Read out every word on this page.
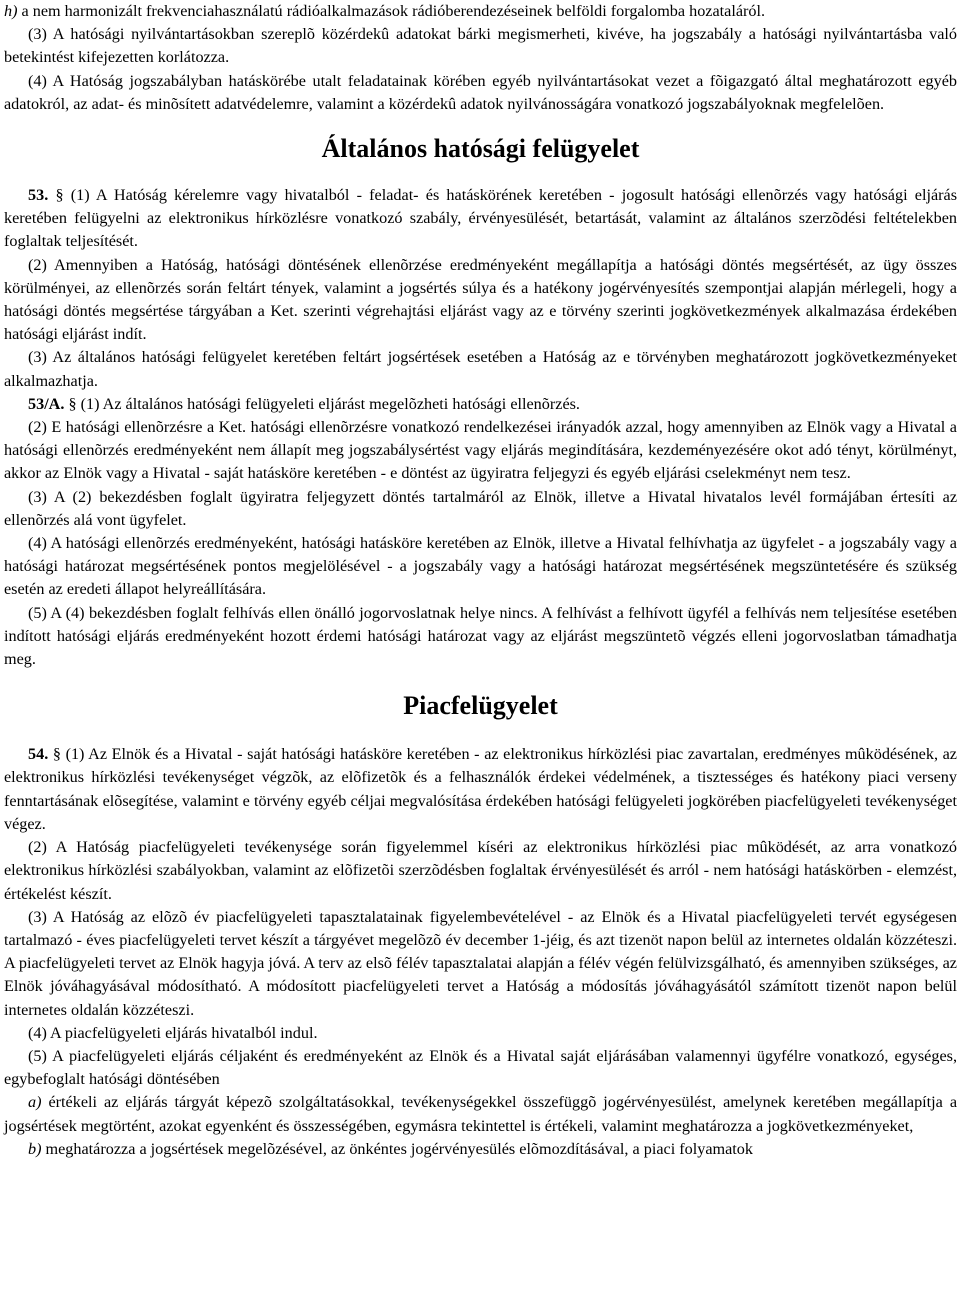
h) a nem harmonizált frekvenciahasználatú rádióalkalmazások rádióberendezéseinek belföldi forgalomba hozataláról.

(3) A hatósági nyilvántartásokban szereplõ közérdekû adatokat bárki megismerheti, kivéve, ha jogszabály a hatósági nyilvántartásba való betekintést kifejezetten korlátozza.

(4) A Hatóság jogszabályban hatáskörébe utalt feladatainak körében egyéb nyilvántartásokat vezet a fõigazgató által meghatározott egyéb adatokról, az adat- és minõsített adatvédelemre, valamint a közérdekû adatok nyilvánosságára vonatkozó jogszabályoknak megfelelõen.

Általános hatósági felügyelet

53. § (1) A Hatóság kérelemre vagy hivatalból - feladat- és hatáskörének keretében - jogosult hatósági ellenõrzés vagy hatósági eljárás keretében felügyelni az elektronikus hírközlésre vonatkozó szabály, érvényesülését, betartását, valamint az általános szerzõdési feltételekben foglaltak teljesítését.

(2) Amennyiben a Hatóság, hatósági döntésének ellenõrzése eredményeként megállapítja a hatósági döntés megsértését, az ügy összes körülményei, az ellenõrzés során feltárt tények, valamint a jogsértés súlya és a hatékony jogérvényesítés szempontjai alapján mérlegeli, hogy a hatósági döntés megsértése tárgyában a Ket. szerinti végrehajtási eljárást vagy az e törvény szerinti jogkövetkezmények alkalmazása érdekében hatósági eljárást indít.

(3) Az általános hatósági felügyelet keretében feltárt jogsértések esetében a Hatóság az e törvényben meghatározott jogkövetkezményeket alkalmazhatja.

53/A. § (1) Az általános hatósági felügyeleti eljárást megelõzheti hatósági ellenõrzés.

(2) E hatósági ellenõrzésre a Ket. hatósági ellenõrzésre vonatkozó rendelkezései irányadók azzal, hogy amennyiben az Elnök vagy a Hivatal a hatósági ellenõrzés eredményeként nem állapít meg jogszabálysértést vagy eljárás megindítására, kezdeményezésére okot adó tényt, körülményt, akkor az Elnök vagy a Hivatal - saját hatásköre keretében - e döntést az ügyiratra feljegyzi és egyéb eljárási cselekményt nem tesz.

(3) A (2) bekezdésben foglalt ügyiratra feljegyzett döntés tartalmáról az Elnök, illetve a Hivatal hivatalos levél formájában értesíti az ellenõrzés alá vont ügyfelet.

(4) A hatósági ellenõrzés eredményeként, hatósági hatásköre keretében az Elnök, illetve a Hivatal felhívhatja az ügyfelet - a jogszabály vagy a hatósági határozat megsértésének pontos megjelölésével - a jogszabály vagy a hatósági határozat megsértésének megszüntetésére és szükség esetén az eredeti állapot helyreállítására.

(5) A (4) bekezdésben foglalt felhívás ellen önálló jogorvoslatnak helye nincs. A felhívást a felhívott ügyfél a felhívás nem teljesítése esetében indított hatósági eljárás eredményeként hozott érdemi hatósági határozat vagy az eljárást megszüntetõ végzés elleni jogorvoslatban támadhatja meg.

Piacfelügyelet

54. § (1) Az Elnök és a Hivatal - saját hatósági hatásköre keretében - az elektronikus hírközlési piac zavartalan, eredményes mûködésének, az elektronikus hírközlési tevékenységet végzõk, az elõfizetõk és a felhasználók érdekei védelmének, a tisztességes és hatékony piaci verseny fenntartásának elõsegítése, valamint e törvény egyéb céljai megvalósítása érdekében hatósági felügyeleti jogkörében piacfelügyeleti tevékenységet végez.

(2) A Hatóság piacfelügyeleti tevékenysége során figyelemmel kíséri az elektronikus hírközlési piac mûködését, az arra vonatkozó elektronikus hírközlési szabályokban, valamint az elõfizetõi szerzõdésben foglaltak érvényesülését és arról - nem hatósági hatáskörben - elemzést, értékelést készít.

(3) A Hatóság az elõzõ év piacfelügyeleti tapasztalatainak figyelembevételével - az Elnök és a Hivatal piacfelügyeleti tervét egységesen tartalmazó - éves piacfelügyeleti tervet készít a tárgyévet megelõzõ év december 1-jéig, és azt tizenöt napon belül az internetes oldalán közzéteszi. A piacfelügyeleti tervet az Elnök hagyja jóvá. A terv az elsõ félév tapasztalatai alapján a félév végén felülvizsgálható, és amennyiben szükséges, az Elnök jóváhagyásával módosítható. A módosított piacfelügyeleti tervet a Hatóság a módosítás jóváhagyásától számított tizenöt napon belül internetes oldalán közzéteszi.

(4) A piacfelügyeleti eljárás hivatalból indul.

(5) A piacfelügyeleti eljárás céljaként és eredményeként az Elnök és a Hivatal saját eljárásában valamennyi ügyfélre vonatkozó, egységes, egybefoglalt hatósági döntésében

a) értékeli az eljárás tárgyát képezõ szolgáltatásokkal, tevékenységekkel összefüggõ jogérvényesülést, amelynek keretében megállapítja a jogsértések megtörtént, azokat egyenként és összességében, egymásra tekintettel is értékeli, valamint meghatározza a jogkövetkezményeket,

b) meghatározza a jogsértések megelõzésével, az önkéntes jogérvényesülés elõmozdításával, a piaci folyamatok
